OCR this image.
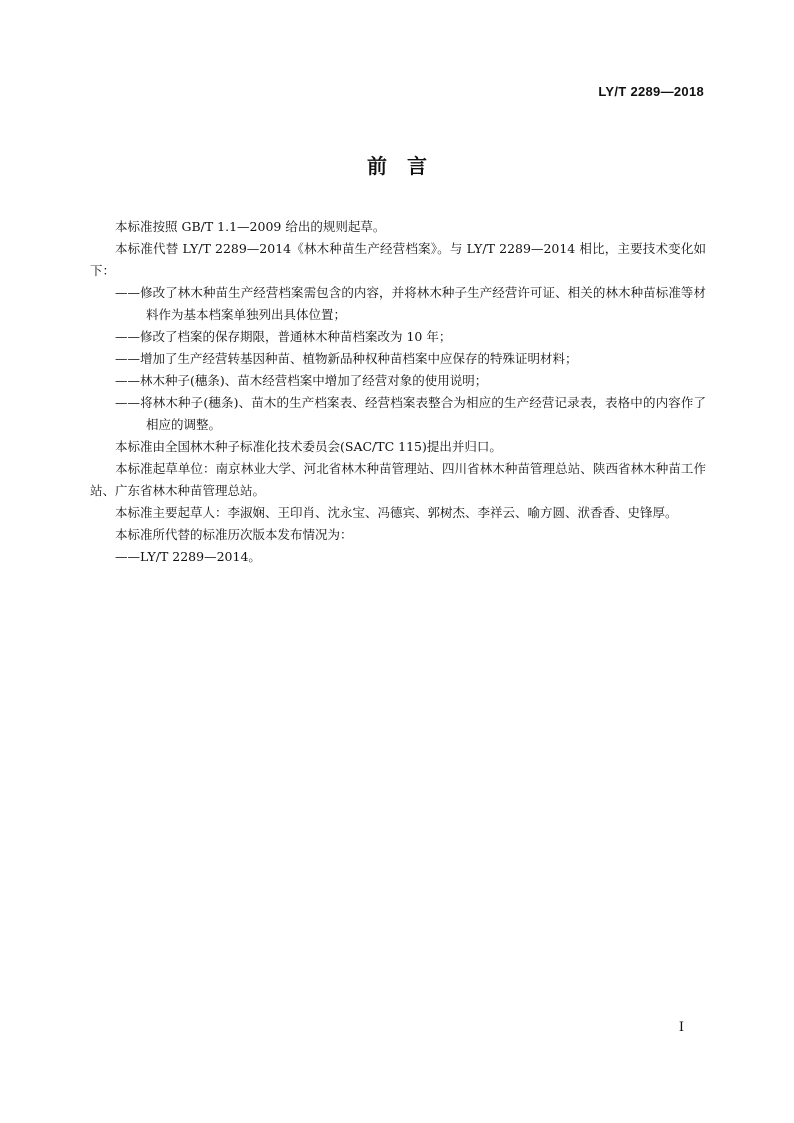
LY/T 2289—2018
前　言

本标准按照 GB/T 1.1—2009 给出的规则起草。

本标准代替 LY/T 2289—2014《林木种苗生产经营档案》。与 LY/T 2289—2014 相比，主要技术变化如下：

——修改了林木种苗生产经营档案需包含的内容，并将林木种子生产经营许可证、相关的林木种苗标准等材料作为基本档案单独列出具体位置；

——修改了档案的保存期限，普通林木种苗档案改为 10 年；

——增加了生产经营转基因种苗、植物新品种权种苗档案中应保存的特殊证明材料；

——林木种子(穗条)、苗木经营档案中增加了经营对象的使用说明；

——将林木种子(穗条)、苗木的生产档案表、经营档案表整合为相应的生产经营记录表，表格中的内容作了相应的调整。

本标准由全国林木种子标准化技术委员会(SAC/TC 115)提出并归口。

本标准起草单位：南京林业大学、河北省林木种苗管理站、四川省林木种苗管理总站、陕西省林木种苗工作站、广东省林木种苗管理总站。

本标准主要起草人：李淑娴、王印肖、沈永宝、冯德宾、郭树杰、李祥云、喻方圆、洑香香、史锋厚。

本标准所代替的标准历次版本发布情况为：

——LY/T 2289—2014。

I
